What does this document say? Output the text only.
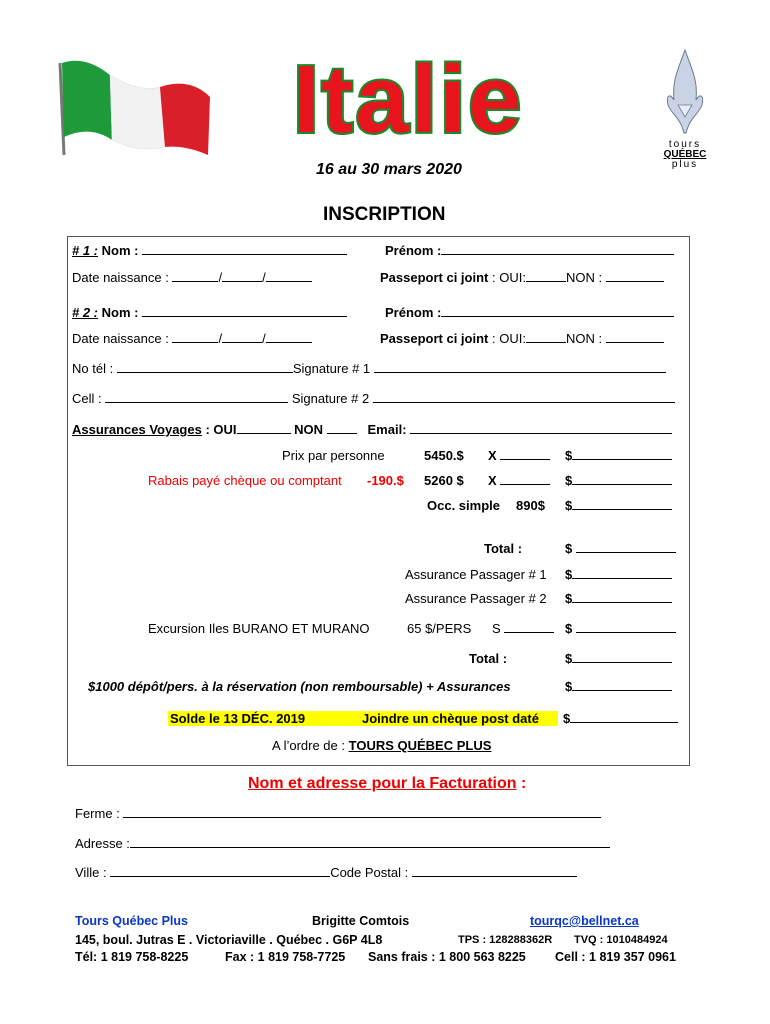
Italie	tours
QUÉBEC
plus
16 au 30 mars 2020
INSCRIPTION
# 1 : Nom :	Prénom :
Date naissance :	/	/	Passeport ci joint : OUI:	NON :
# 2 : Nom :	Prénom :
Date naissance :	/	/	Passeport ci joint : OUI:	NON :
No tél :	Signature # 1
Cell :	Signature # 2
Assurances Voyages : OUI	NON	Email:
Prix par personne	5450.$ X	$
Rabais payé chèque ou comptant -190.$ 5260 $ X	$
Occ. simple 890$ $
Total :	$
Assurance Passager # 1 $
Assurance Passager # 2 $
Excursion Iles BURANO ET MURANO	65 $/PERS S	$
Total :	$
$1000 dépôt/pers. à la réservation (non remboursable) + Assurances	$
Solde le 13 DÉC. 2019	Joindre un chèque post daté $
A l’ordre de : TOURS QUÉBEC PLUS
Nom et adresse pour la Facturation :
Ferme :
Adresse :
Ville :	Code Postal :
Tours Québec Plus	Brigitte Comtois	tourqc@bellnet.ca
145, boul. Jutras E . Victoriaville . Québec . G6P 4L8	TPS : 128288362R TVQ : 1010484924
Tél: 1 819 758-8225	Fax : 1 819 758-7725 Sans frais : 1 800 563 8225 Cell : 1 819 357 0961
